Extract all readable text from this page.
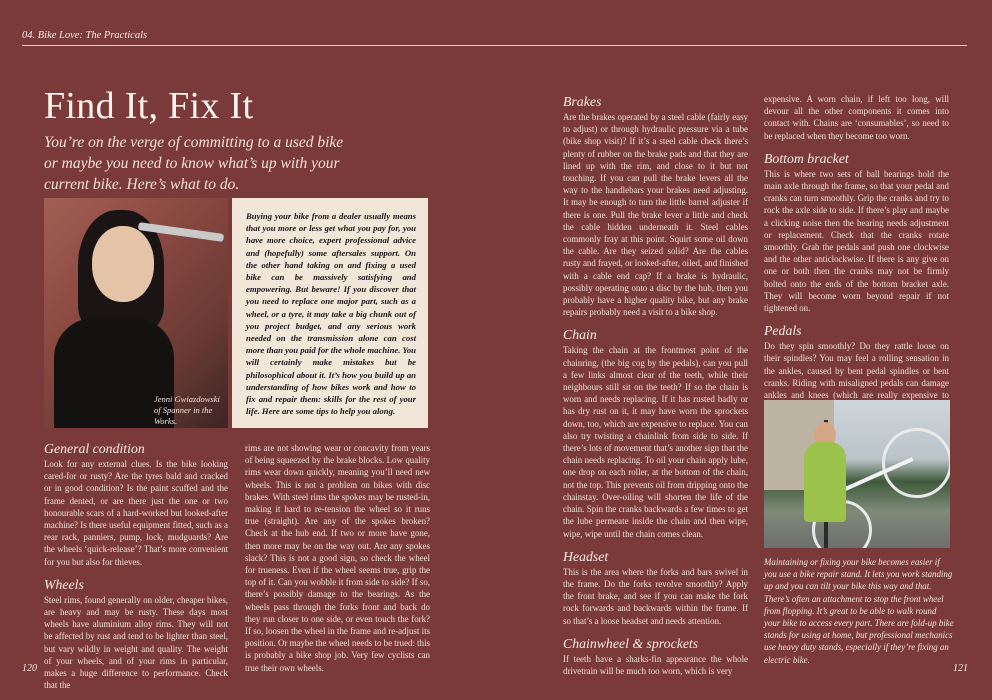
04. Bike Love: The Practicals
Find It, Fix It
You’re on the verge of committing to a used bike or maybe you need to know what’s up with your current bike. Here’s what to do.
Jenni Gwiazdowski of Spanner in the Works.
Buying your bike from a dealer usually means that you more or less get what you pay for, you have more choice, expert professional advice and (hopefully) some aftersales support. On the other hand taking on and fixing a used bike can be massively satisfying and empowering. But beware! If you discover that you need to replace one major part, such as a wheel, or a tyre, it may take a big chunk out of you project budget, and any serious work needed on the transmission alone can cost more than you paid for the whole machine. You will certainly make mistakes but be philosophical about it. It’s how you build up an understanding of how bikes work and how to fix and repair them: skills for the rest of your life. Here are some tips to help you along.

General condition

Look for any external clues. Is the bike looking cared-for or rusty? Are the tyres bald and cracked or in good condition? Is the paint scuffed and the frame dented, or are there just the one or two honourable scars of a hard-worked but looked-after machine? Is there useful equipment fitted, such as a rear rack, panniers, pump, lock, mudguards? Are the wheels ‘quick-release’? That’s more convenient for you but also for thieves.

Wheels

Steel rims, found generally on older, cheaper bikes, are heavy and may be rusty. These days most wheels have aluminium alloy rims. They will not be affected by rust and tend to be lighter than steel, but vary wildly in weight and quality. The weight of your wheels, and of your rims in particular, makes a huge difference to performance. Check that the

rims are not showing wear or concavity from years of being squeezed by the brake blocks. Low quality rims wear down quickly, meaning you’ll need new wheels. This is not a problem on bikes with disc brakes. With steel rims the spokes may be rusted-in, making it hard to re-tension the wheel so it runs true (straight). Are any of the spokes broken? Check at the hub end. If two or more have gone, then more may be on the way out. Are any spokes slack? This is not a good sign, so check the wheel for trueness. Even if the wheel seems true, grip the top of it. Can you wobble it from side to side? If so, there’s possibly damage to the bearings. As the wheels pass through the forks front and back do they run closer to one side, or even touch the fork? If so, loosen the wheel in the frame and re-adjust its position. Or maybe the wheel needs to be trued: this is probably a bike shop job. Very few cyclists can true their own wheels.

Brakes

Are the brakes operated by a steel cable (fairly easy to adjust) or through hydraulic pressure via a tube (bike shop visit)? If it’s a steel cable check there’s plenty of rubber on the brake pads and that they are lined up with the rim, and close to it but not touching. If you can pull the brake levers all the way to the handlebars your brakes need adjusting. It may be enough to turn the little barrel adjuster if there is one. Pull the brake lever a little and check the cable hidden underneath it. Steel cables commonly fray at this point. Squirt some oil down the cable. Are they seized solid? Are the cables rusty and frayed, or looked-after, oiled, and finished with a cable end cap? If a brake is hydraulic, possibly operating onto a disc by the hub, then you probably have a higher quality bike, but any brake repairs probably need a visit to a bike shop.

Chain

Taking the chain at the frontmost point of the chainring, (the big cog by the pedals), can you pull a few links almost clear of the teeth, while their neighbours still sit on the teeth? If so the chain is worn and needs replacing. If it has rusted badly or has dry rust on it, it may have worn the sprockets down, too, which are expensive to replace. You can also try twisting a chainlink from side to side. If there’s lots of movement that’s another sign that the chain needs replacing. To oil your chain apply lube, one drop on each roller, at the bottom of the chain, not the top. This prevents oil from dripping onto the chainstay. Over-oiling will shorten the life of the chain. Spin the cranks backwards a few times to get the lube permeate inside the chain and then wipe, wipe, wipe until the chain comes clean.

Headset

This is the area where the forks and bars swivel in the frame. Do the forks revolve smoothly? Apply the front brake, and see if you can make the fork rock forwards and backwards within the frame. If so that’s a loose headset and needs attention.

Chainwheel & sprockets

If teeth have a sharks-fin appearance the whole drivetrain will be much too worn, which is very

expensive. A worn chain, if left too long, will devour all the other components it comes into contact with. Chains are ‘consumables’, so need to be replaced when they become too worn.

Bottom bracket

This is where two sets of ball bearings hold the main axle through the frame, so that your pedal and cranks can turn smoothly. Grip the cranks and try to rock the axle side to side. If there’s play and maybe a clicking noise then the bearing needs adjustment or replacement. Check that the cranks rotate smoothly. Grab the pedals and push one clockwise and the other anticlockwise. If there is any give on one or both then the cranks may not be firmly bolted onto the ends of the bottom bracket axle. They will become worn beyond repair if not tightened on.

Pedals

Do they spin smoothly? Do they rattle loose on their spindles? You may feel a rolling sensation in the ankles, caused by bent pedal spindles or bent cranks. Riding with misaligned pedals can damage ankles and knees (which are really expensive to

Maintaining or fixing your bike becomes easier if you use a bike repair stand. It lets you work standing up and you can tilt your bike this way and that. There’s often an attachment to stop the front wheel from flopping. It’s great to be able to walk round your bike to access every part. There are fold-up bike stands for using at home, but professional mechanics use heavy duty stands, especially if they’re fixing an electric bike.
120	121
